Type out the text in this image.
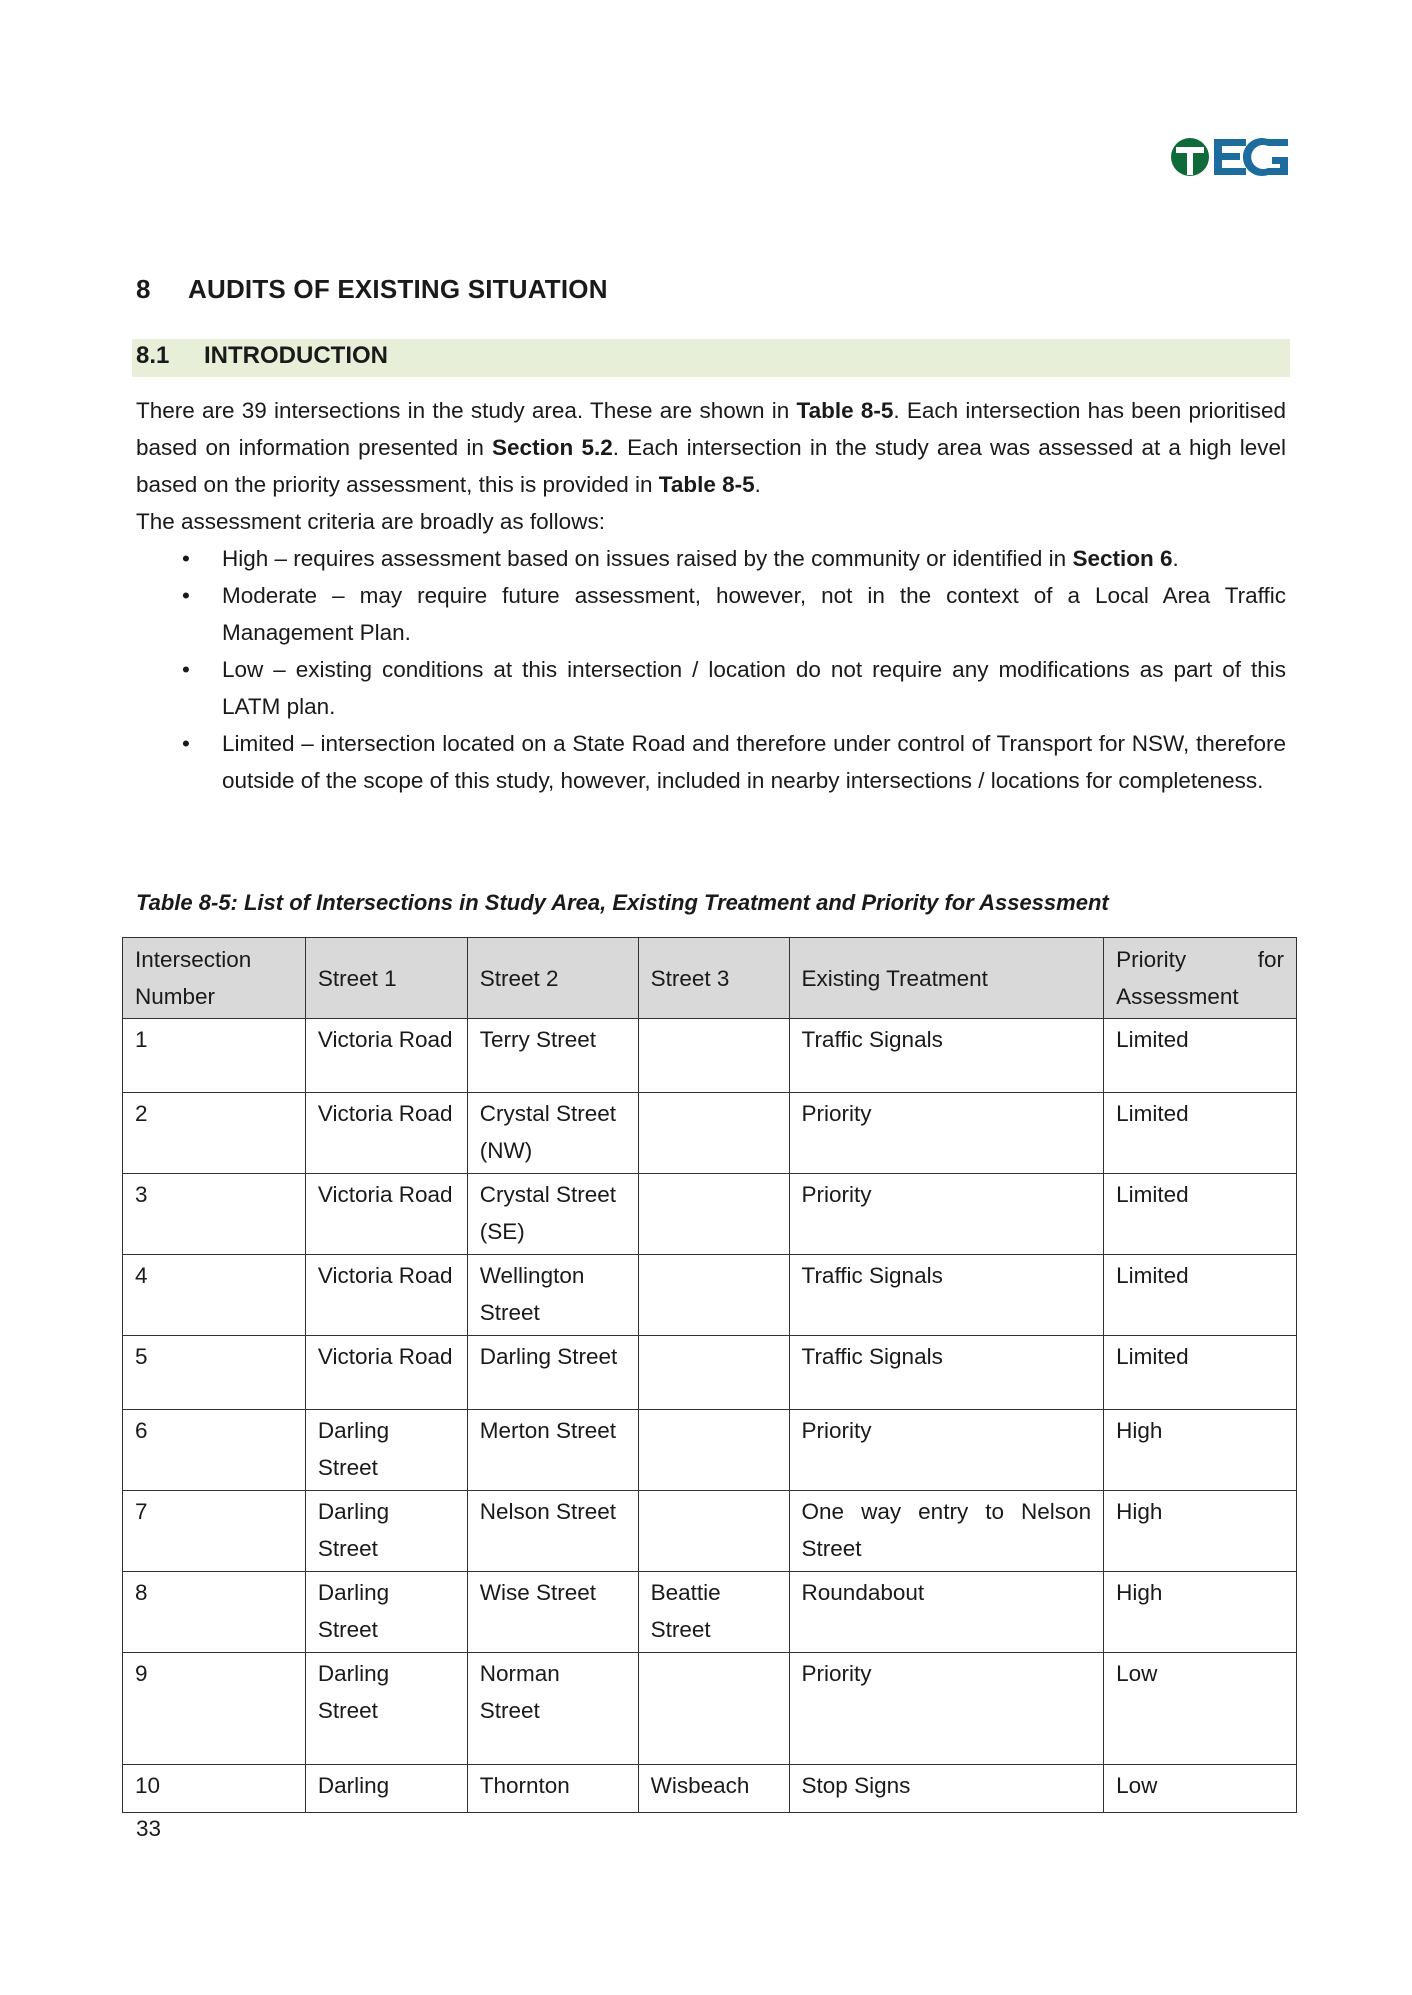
8 AUDITS OF EXISTING SITUATION
8.1 INTRODUCTION

There are 39 intersections in the study area. These are shown in Table 8-5. Each intersection has been prioritised based on information presented in Section 5.2. Each intersection in the study area was assessed at a high level based on the priority assessment, this is provided in Table 8-5.

The assessment criteria are broadly as follows:

• High – requires assessment based on issues raised by the community or identified in Section 6.
• Moderate – may require future assessment, however, not in the context of a Local Area Traffic Management Plan.
• Low – existing conditions at this intersection / location do not require any modifications as part of this LATM plan.
• Limited – intersection located on a State Road and therefore under control of Transport for NSW, therefore outside of the scope of this study, however, included in nearby intersections / locations for completeness.
Table 8-5: List of Intersections in Study Area, Existing Treatment and Priority for Assessment
Intersection
Number	Street 1	Street 2	Street 3	Existing Treatment	Priority for
Assessment
1	Victoria Road	Terry Street		Traffic Signals	Limited
2	Victoria Road	Crystal Street (NW)		Priority	Limited
3	Victoria Road	Crystal Street (SE)		Priority	Limited
4	Victoria Road	Wellington Street		Traffic Signals	Limited
5	Victoria Road	Darling Street		Traffic Signals	Limited
6	Darling Street	Merton Street		Priority	High
7	Darling Street	Nelson Street		One way entry to Nelson Street	High
8	Darling Street	Wise Street	Beattie Street	Roundabout	High
9	Darling Street	Norman Street		Priority	Low
10	Darling	Thornton	Wisbeach	Stop Signs	Low
33
